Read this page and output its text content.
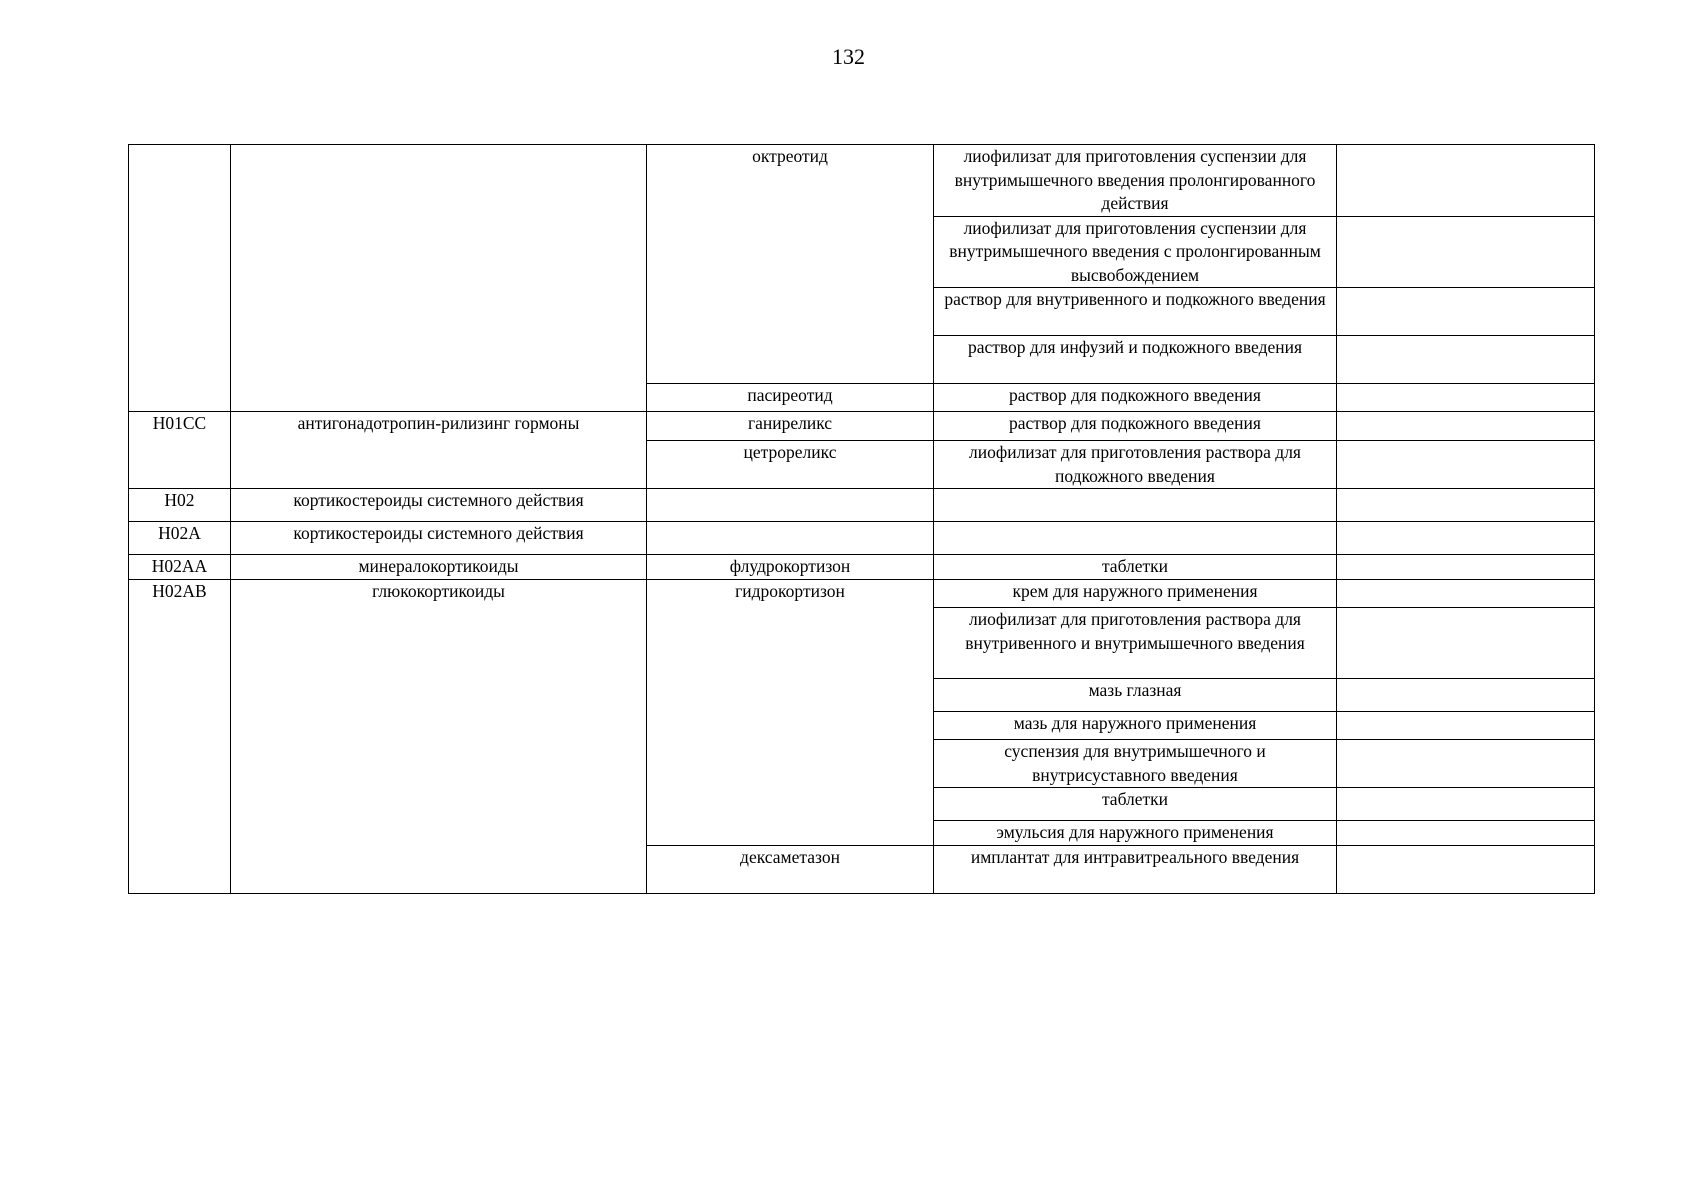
132
		октреотид	лиофилизат для приготовления суспензии для внутримышечного введения пролонгированного действия	
			лиофилизат для приготовления суспензии для внутримышечного введения с пролонгированным высвобождением	
			раствор для внутривенного и подкожного введения	
			раствор для инфузий и подкожного введения	
		пасиреотид	раствор для подкожного введения	
H01CC	антигонадотропин-рилизинг гормоны	ганиреликс	раствор для подкожного введения	
		цетрореликс	лиофилизат для приготовления раствора для подкожного введения	
H02	кортикостероиды системного действия			
H02A	кортикостероиды системного действия			
H02AA	минералокортикоиды	флудрокортизон	таблетки	
H02AB	глюкокортикоиды	гидрокортизон	крем для наружного применения	
			лиофилизат для приготовления раствора для внутривенного и внутримышечного введения	
			мазь глазная	
			мазь для наружного применения	
			суспензия для внутримышечного и внутрисуставного введения	
			таблетки	
			эмульсия для наружного применения	
		дексаметазон	имплантат для интравитреального введения	
